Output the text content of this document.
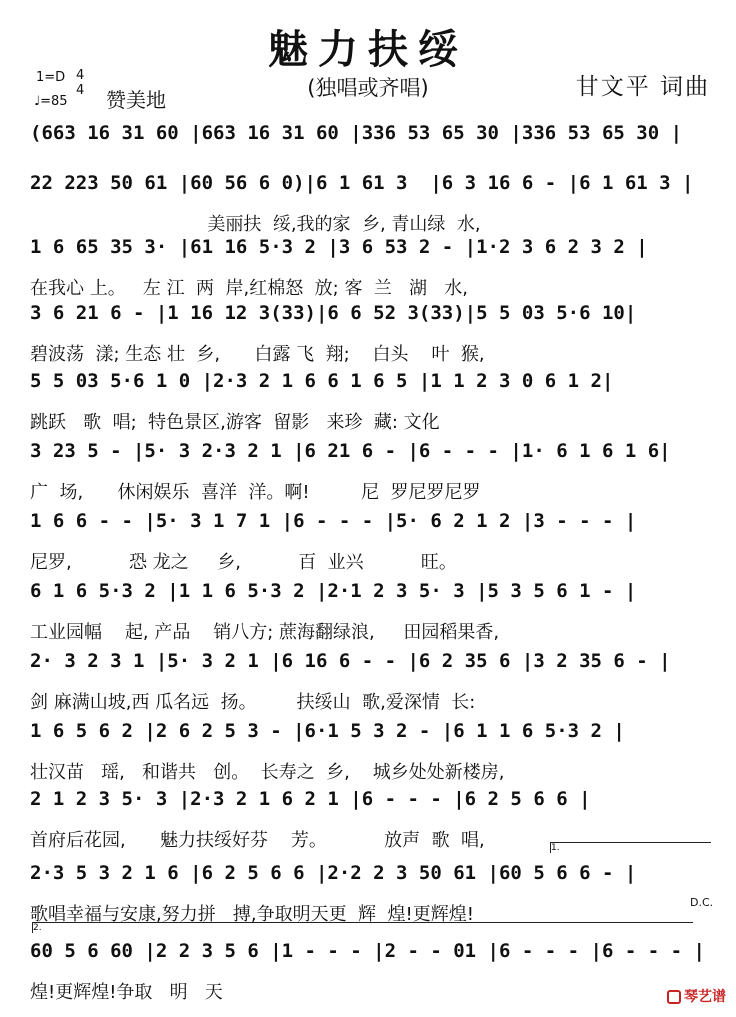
魅力扶绥
(独唱或齐唱)	甘文平 词曲
1=D 4
4
♩=85 赞美地
(663 16 31 60 |663 16 31 60 |336 53 65 30 |336 53 65 30 |
22 223 50 61 |60 56 6 0)|6 1 61 3  |6 3 16 6 - |6 1 61 3 |
美丽扶  绥,我的家  乡, 青山绿  水,
1 6 65 35 3· |61 16 5·3 2 |3 6 53 2 - |1·2 3 6 2 3 2 |
在我心 上。   左 江  两  岸,红棉怒  放; 客  兰   湖   水,
3 6 21 6 - |1 16 12 3(33)|6 6 52 3(33)|5 5 03 5·6 10|
碧波荡  漾; 生态 壮  乡,      白露 飞  翔;    白头    叶  猴,
5 5 03 5·6 1 0 |2·3 2 1 6 6 1 6 5 |1 1 2 3 0 6 1 2|
跳跃   歌  唱;  特色景区,游客  留影   来珍  藏: 文化
3 23 5 - |5· 3 2·3 2 1 |6 21 6 - |6 - - - |1· 6 1 6 1 6|
广  场,      休闲娱乐  喜洋  洋。啊!         尼  罗尼罗尼罗
1 6 6 - - |5· 3 1 7 1 |6 - - - |5· 6 2 1 2 |3 - - - |
尼罗,          恐 龙之     乡,          百  业兴          旺。
6 1 6 5·3 2 |1 1 6 5·3 2 |2·1 2 3 5· 3 |5 3 5 6 1 - |
工业园幅    起, 产品    销八方; 蔗海翻绿浪,     田园稻果香,
2· 3 2 3 1 |5· 3 2 1 |6 16 6 - - |6 2 35 6 |3 2 35 6 - |
剑 麻满山坡,西 瓜名远  扬。       扶绥山  歌,爱深情  长:
1 6 5 6 2 |2 6 2 5 3 - |6·1 5 3 2 - |6 1 1 6 5·3 2 |
壮汉苗   瑶,   和谐共   创。  长寿之  乡,    城乡处处新楼房,
2 1 2 3 5· 3 |2·3 2 1 6 2 1 |6 - - - |6 2 5 6 6 |
首府后花园,      魅力扶绥好芬    芳。          放声  歌  唱,
2·3 5 3 2 1 6 |6 2 5 6 6 |2·2 2 3 50 61 |60 5 6 6 - |
歌唱幸福与安康,努力拼   搏,争取明天更  辉  煌!更辉煌!
60 5 6 60 |2 2 3 5 6 |1 - - - |2 - - 01 |6 - - - |6 - - - |
煌!更辉煌!争取   明   天
1.
2.
D.C.
琴艺谱
